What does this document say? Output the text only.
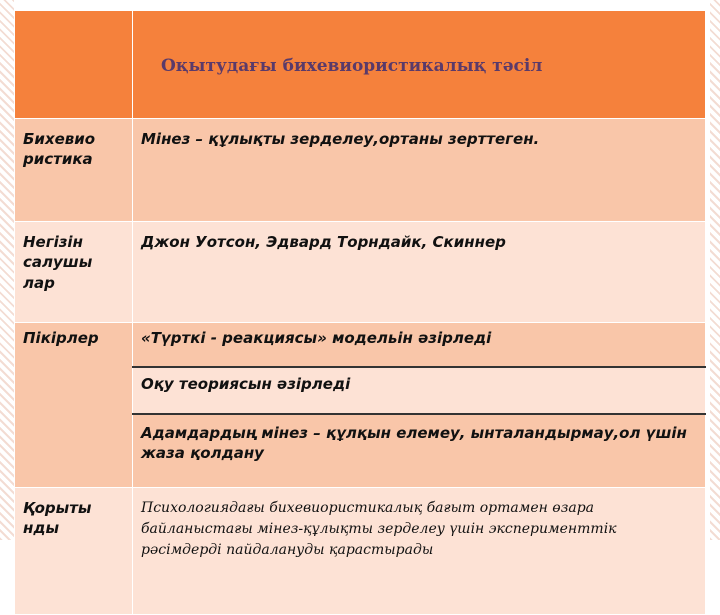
	Оқытудағы бихевиористикалық тәсіл
Бихевио ристика	Мінез – құлықты зерделеу,ортаны зерттеген.
Негізін салушы лар	Джон Уотсон, Эдвард Торндайк, Скиннер
Пікірлер	«Түрткі - реакциясы» модельін әзірледі
	Оқу теориясын әзірледі
	Адамдардың мінез – құлқын елемеу, ынталандырмау,ол үшін жаза қолдану
Қорыты нды	Психологиядағы бихевиористикалық бағыт ортамен өзара байланыстағы мінез-құлықты зерделеу үшін эксперименттік рәсімдерді пайдалануды қарастырады
